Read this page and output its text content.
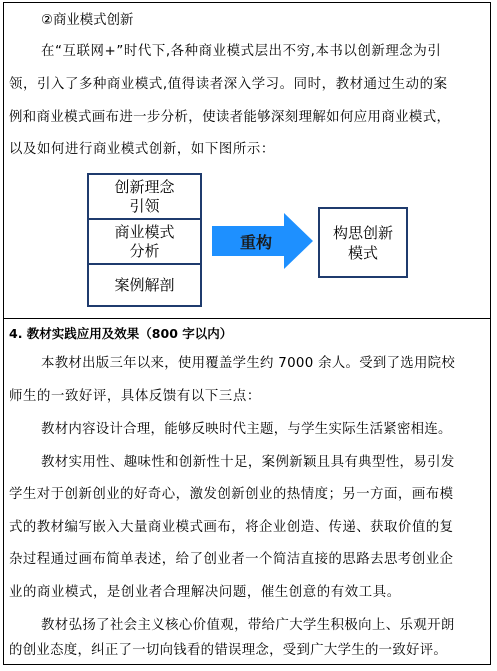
②商业模式创新
在“互联网+”时代下,各种商业模式层出不穷,本书以创新理念为引
领，引入了多种商业模式,值得读者深入学习。同时，教材通过生动的案
例和商业模式画布进一步分析，使读者能够深刻理解如何应用商业模式，
以及如何进行商业模式创新，如下图所示：
创新理念
引领
商业模式
分析
案例解剖
重构
构思创新
模式
4. 教材实践应用及效果（800 字以内）
本教材出版三年以来，使用覆盖学生约 7000 余人。受到了选用院校
师生的一致好评，具体反馈有以下三点：
教材内容设计合理，能够反映时代主题，与学生实际生活紧密相连。
教材实用性、趣味性和创新性十足，案例新颖且具有典型性，易引发
学生对于创新创业的好奇心，激发创新创业的热情度；另一方面，画布模
式的教材编写嵌入大量商业模式画布，将企业创造、传递、获取价值的复
杂过程通过画布简单表述，给了创业者一个简洁直接的思路去思考创业企
业的商业模式，是创业者合理解决问题，催生创意的有效工具。
教材弘扬了社会主义核心价值观，带给广大学生积极向上、乐观开朗
的创业态度，纠正了一切向钱看的错误理念，受到广大学生的一致好评。
